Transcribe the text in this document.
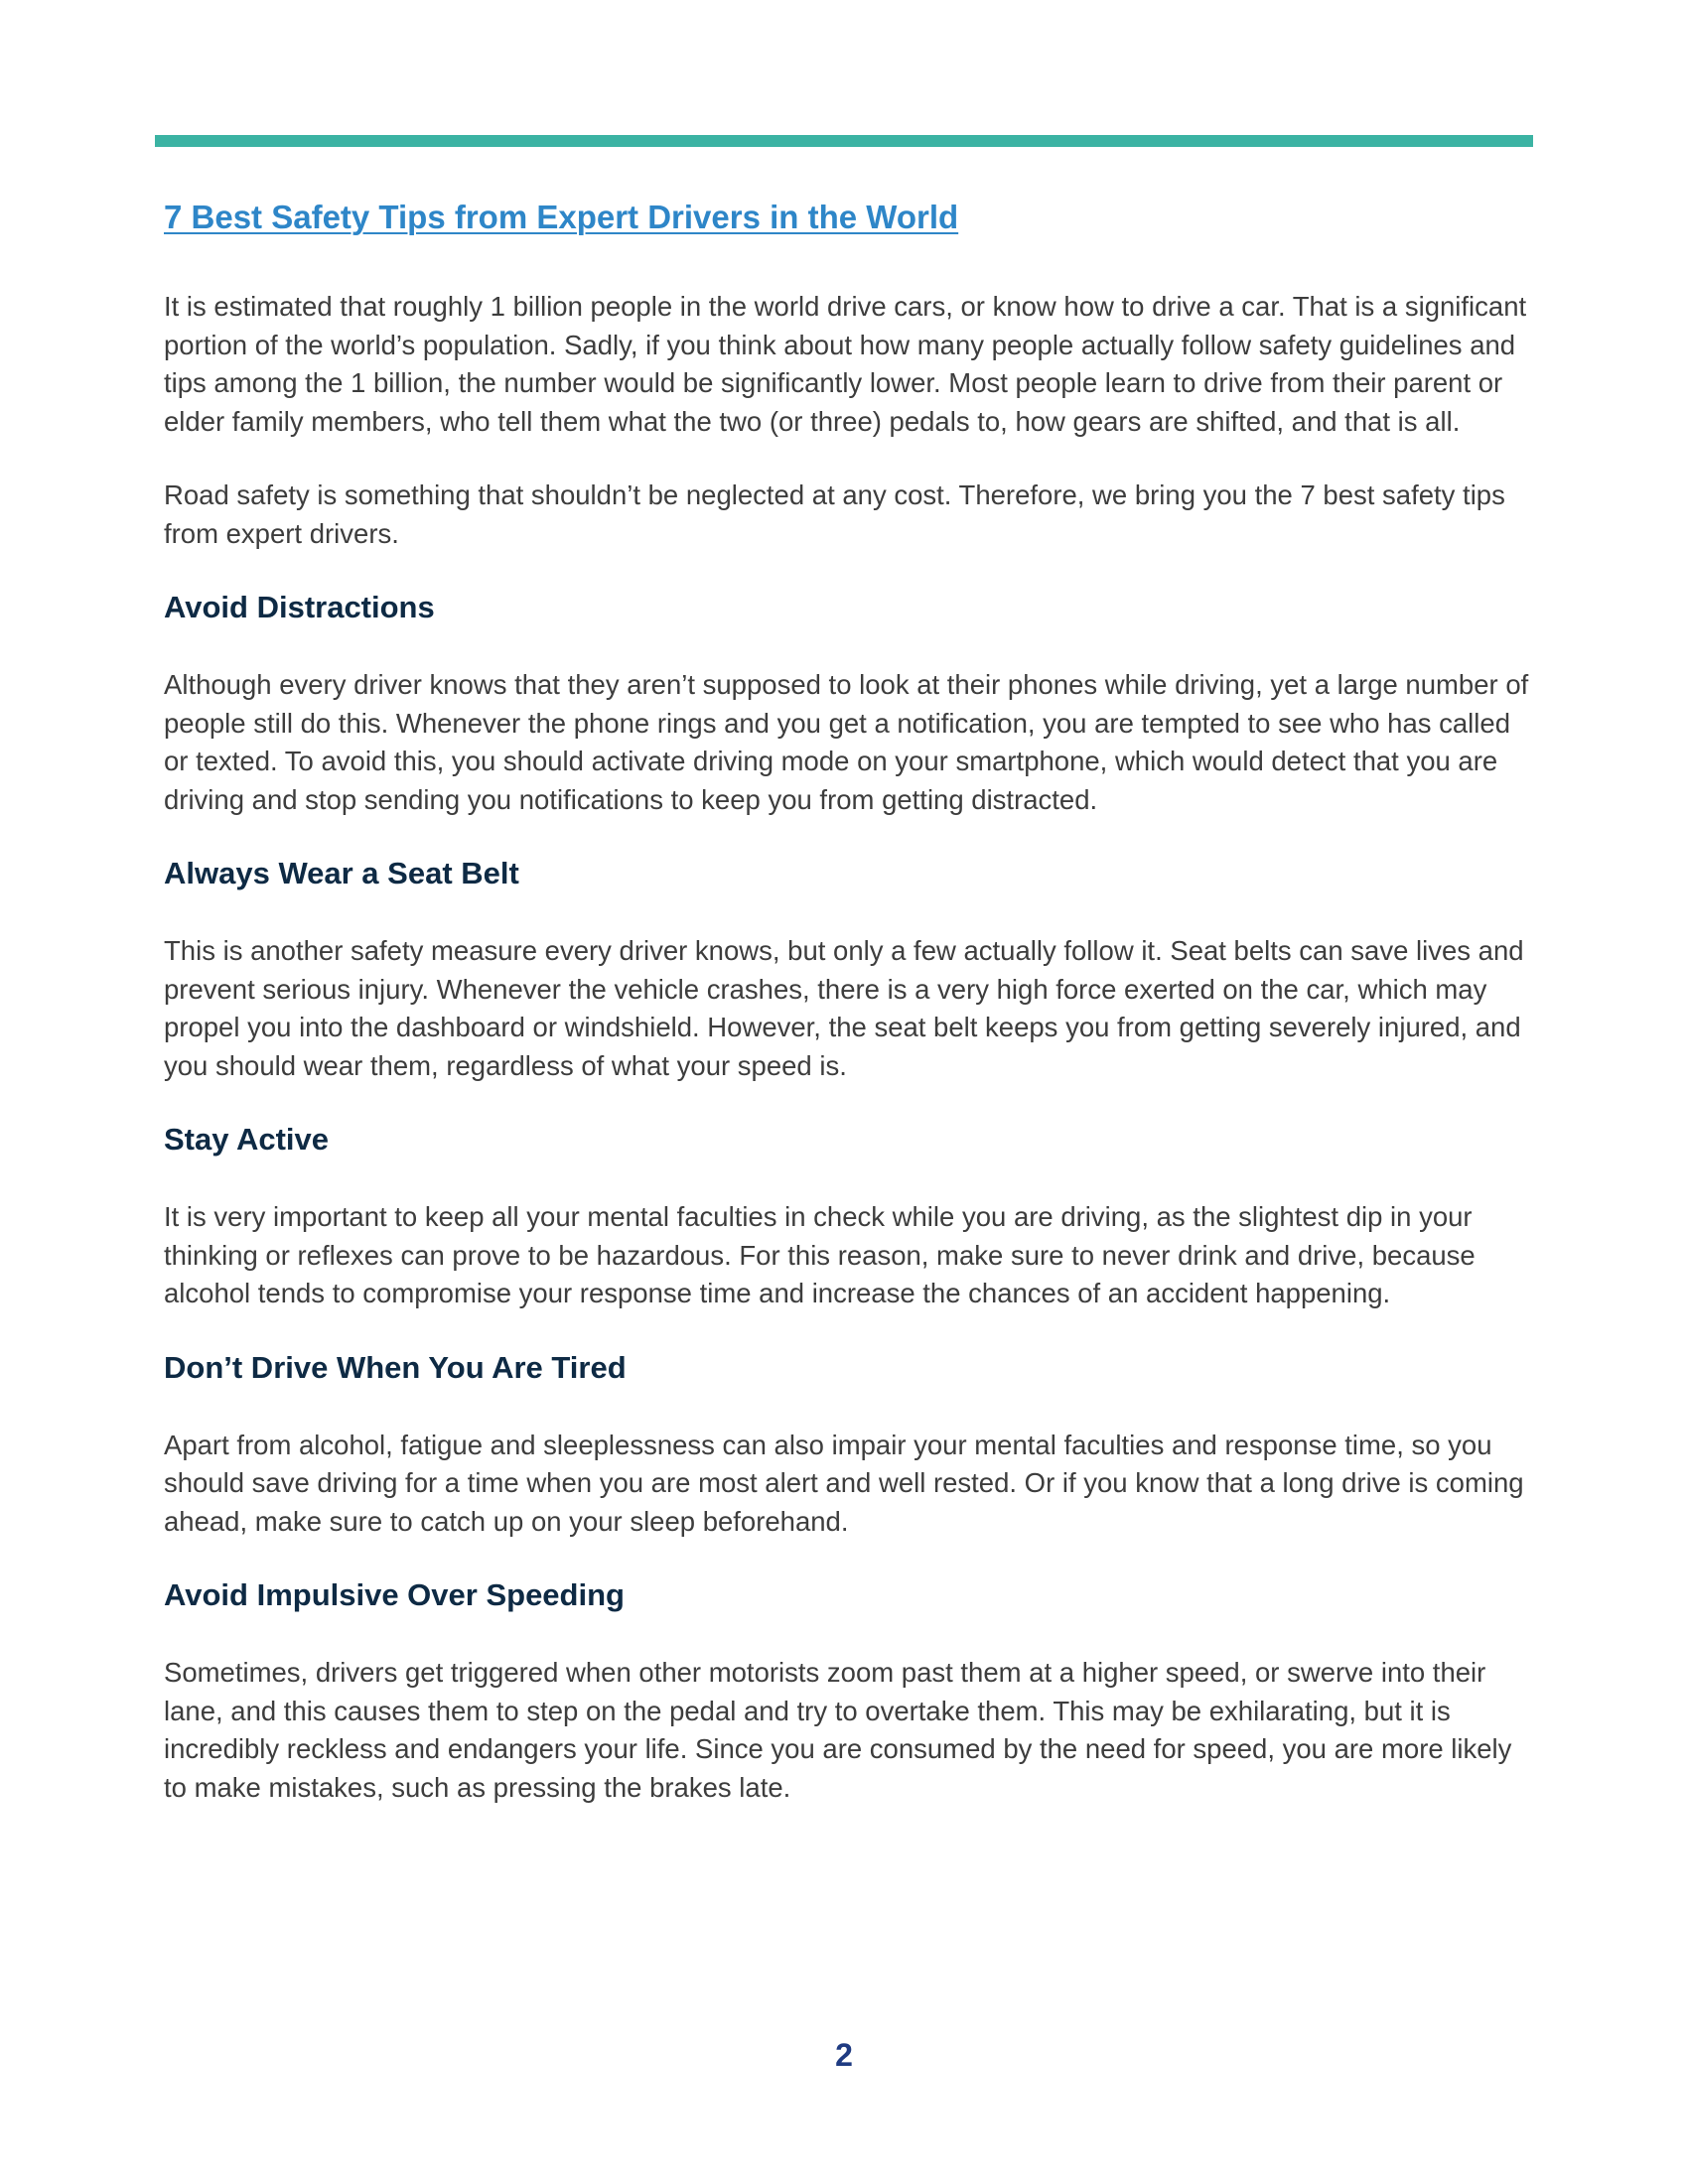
7 Best Safety Tips from Expert Drivers in the World

It is estimated that roughly 1 billion people in the world drive cars, or know how to drive a car. That is a significant portion of the world’s population. Sadly, if you think about how many people actually follow safety guidelines and tips among the 1 billion, the number would be significantly lower. Most people learn to drive from their parent or elder family members, who tell them what the two (or three) pedals to, how gears are shifted, and that is all.

Road safety is something that shouldn’t be neglected at any cost. Therefore, we bring you the 7 best safety tips from expert drivers.

Avoid Distractions

Although every driver knows that they aren’t supposed to look at their phones while driving, yet a large number of people still do this. Whenever the phone rings and you get a notification, you are tempted to see who has called or texted. To avoid this, you should activate driving mode on your smartphone, which would detect that you are driving and stop sending you notifications to keep you from getting distracted.

Always Wear a Seat Belt

This is another safety measure every driver knows, but only a few actually follow it. Seat belts can save lives and prevent serious injury. Whenever the vehicle crashes, there is a very high force exerted on the car, which may propel you into the dashboard or windshield. However, the seat belt keeps you from getting severely injured, and you should wear them, regardless of what your speed is.

Stay Active

It is very important to keep all your mental faculties in check while you are driving, as the slightest dip in your thinking or reflexes can prove to be hazardous. For this reason, make sure to never drink and drive, because alcohol tends to compromise your response time and increase the chances of an accident happening.

Don’t Drive When You Are Tired

Apart from alcohol, fatigue and sleeplessness can also impair your mental faculties and response time, so you should save driving for a time when you are most alert and well rested. Or if you know that a long drive is coming ahead, make sure to catch up on your sleep beforehand.

Avoid Impulsive Over Speeding

Sometimes, drivers get triggered when other motorists zoom past them at a higher speed, or swerve into their lane, and this causes them to step on the pedal and try to overtake them. This may be exhilarating, but it is incredibly reckless and endangers your life. Since you are consumed by the need for speed, you are more likely to make mistakes, such as pressing the brakes late.

2
